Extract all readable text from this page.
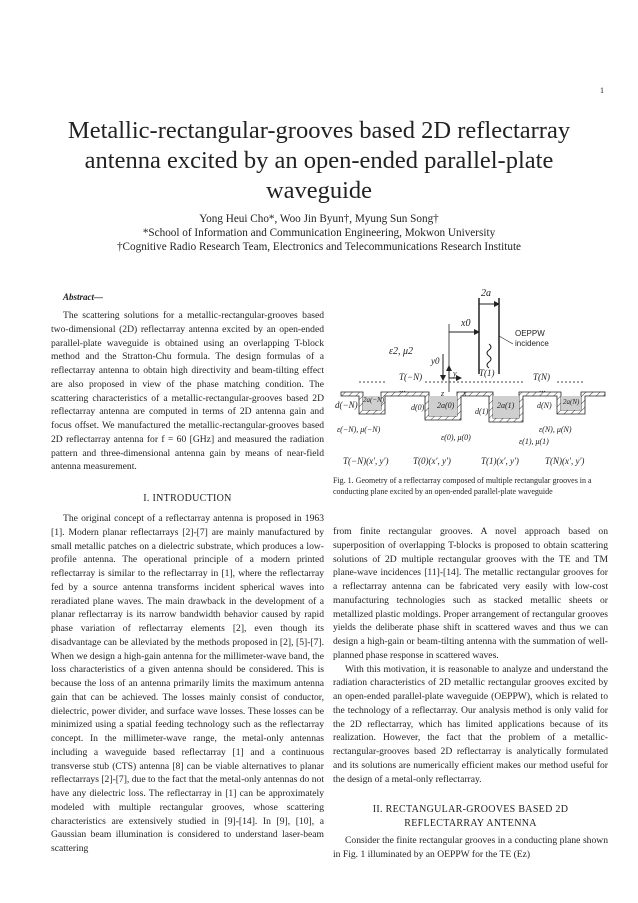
1
Metallic-rectangular-grooves based 2D reflectarray antenna excited by an open-ended parallel-plate waveguide
Yong Heui Cho*, Woo Jin Byun†, Myung Sun Song†
*School of Information and Communication Engineering, Mokwon University
†Cognitive Radio Research Team, Electronics and Telecommunications Research Institute
Abstract—

The scattering solutions for a metallic-rectangular-grooves based two-dimensional (2D) reflectarray antenna excited by an open-ended parallel-plate waveguide is obtained using an overlapping T-block method and the Stratton-Chu formula. The design formulas of a reflectarray antenna to obtain high directivity and beam-tilting effect are also proposed in view of the phase matching condition. The scattering characteristics of a metallic-rectangular-grooves based 2D reflectarray antenna are computed in terms of 2D antenna gain and focus offset. We manufactured the metallic-rectangular-grooves based 2D reflectarray antenna for f = 60 [GHz] and measured the radiation pattern and three-dimensional antenna gain by means of near-field antenna measurement.

I. INTRODUCTION

The original concept of a reflectarray antenna is proposed in 1963 [1]. Modern planar reflectarrays [2]-[7] are mainly manufactured by small metallic patches on a dielectric substrate, which produces a low-profile antenna. The operational principle of a modern printed reflectarray is similar to the reflectarray in [1], where the reflectarray fed by a source antenna transforms incident spherical waves into reradiated plane waves. The main drawback in the development of a planar reflectarray is its narrow bandwidth behavior caused by rapid phase variation of reflectarray elements [2], even though its disadvantage can be alleviated by the methods proposed in [2], [5]-[7]. When we design a high-gain antenna for the millimeter-wave band, the loss characteristics of a given antenna should be considered. This is because the loss of an antenna primarily limits the maximum antenna gain that can be achieved. The losses mainly consist of conductor, dielectric, power divider, and surface wave losses. These losses can be minimized using a spatial feeding technology such as the reflectarray concept. In the millimeter-wave range, the metal-only antennas including a waveguide based reflectarray [1] and a continuous transverse stub (CTS) antenna [8] can be viable alternatives to planar reflectarrays [2]-[7], due to the fact that the metal-only antennas do not have any dielectric loss. The reflectarray in [1] can be approximately modeled with multiple rectangular grooves, whose scattering characteristics are extensively studied in [9]-[14]. In [9], [10], a Gaussian beam illumination is considered to understand laser-beam scattering

2a
x0
OEPPW
incidence
ε2, μ2
y0
y
z x
T(−N)	T(1)	T(N)
...	...
d(−N) 2a(−N)
d(0) 2a(0)
d(1)
2a(1)	d(N) 2a(N)
ε(−N), μ(−N)
ε(0), μ(0)	ε(1), μ(1)
ε(N), μ(N)
T(−N)(x′, y′)	T(0)(x′, y′)	T(1)(x′, y′)	T(N)(x′, y′)
Fig. 1. Geometry of a reflectarray composed of multiple rectangular grooves in a conducting plane excited by an open-ended parallel-plate waveguide

from finite rectangular grooves. A novel approach based on superposition of overlapping T-blocks is proposed to obtain scattering solutions of 2D multiple rectangular grooves with the TE and TM plane-wave incidences [11]-[14]. The metallic rectangular grooves for a reflectarray antenna can be fabricated very easily with low-cost manufacturing technologies such as stacked metallic sheets or metallized plastic moldings. Proper arrangement of rectangular grooves yields the deliberate phase shift in scattered waves and thus we can design a high-gain or beam-tilting antenna with the summation of well-planned phase response in scattered waves.

With this motivation, it is reasonable to analyze and understand the radiation characteristics of 2D metallic rectangular grooves excited by an open-ended parallel-plate waveguide (OEPPW), which is related to the technology of a reflectarray. Our analysis method is only valid for the 2D reflectarray, which has limited applications because of its realization. However, the fact that the problem of a metallic-rectangular-grooves based 2D reflectarray is analytically formulated and its solutions are numerically efficient makes our method useful for the design of a metal-only reflectarray.

II. RECTANGULAR-GROOVES BASED 2D REFLECTARRAY ANTENNA

Consider the finite rectangular grooves in a conducting plane shown in Fig. 1 illuminated by an OEPPW for the TE (Ez)
